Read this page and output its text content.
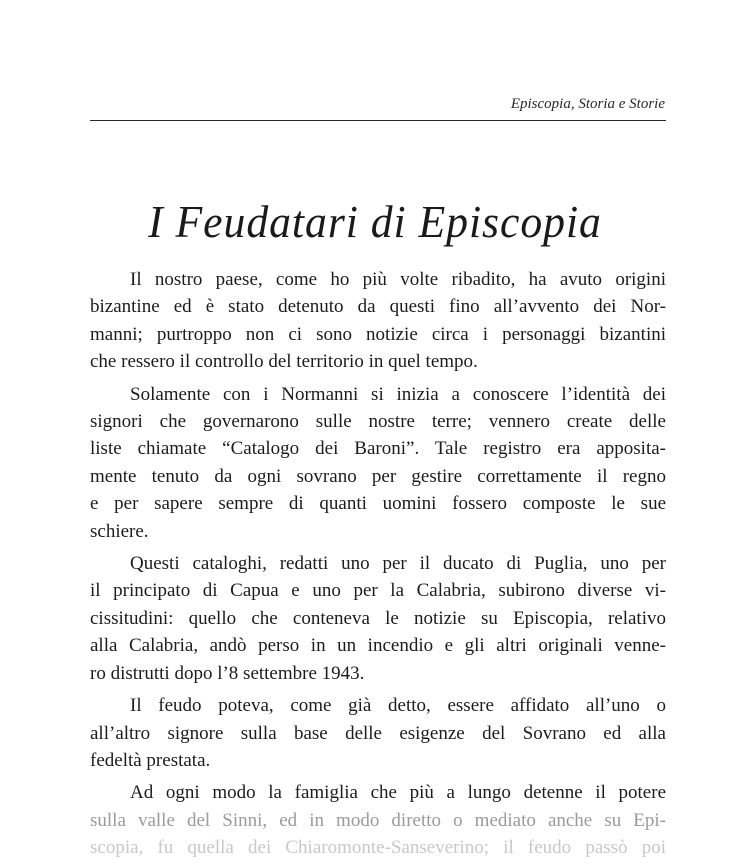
Episcopia, Storia e Storie
I Feudatari di Episcopia
Il nostro paese, come ho più volte ribadito, ha avuto origini
bizantine ed è stato detenuto da questi fino all’avvento dei Nor-
manni; purtroppo non ci sono notizie circa i personaggi bizantini
che ressero il controllo del territorio in quel tempo.
Solamente con i Normanni si inizia a conoscere l’identità dei
signori che governarono sulle nostre terre; vennero create delle
liste chiamate “Catalogo dei Baroni”. Tale registro era apposita-
mente tenuto da ogni sovrano per gestire correttamente il regno
e per sapere sempre di quanti uomini fossero composte le sue
schiere.
Questi cataloghi, redatti uno per il ducato di Puglia, uno per
il principato di Capua e uno per la Calabria, subirono diverse vi-
cissitudini: quello che conteneva le notizie su Episcopia, relativo
alla Calabria, andò perso in un incendio e gli altri originali venne-
ro distrutti dopo l’8 settembre 1943.
Il feudo poteva, come già detto, essere affidato all’uno o
all’altro signore sulla base delle esigenze del Sovrano ed alla
fedeltà prestata.
Ad ogni modo la famiglia che più a lungo detenne il potere
sulla valle del Sinni, ed in modo diretto o mediato anche su Epi-
scopia, fu quella dei Chiaromonte-Sanseverino; il feudo passò poi
